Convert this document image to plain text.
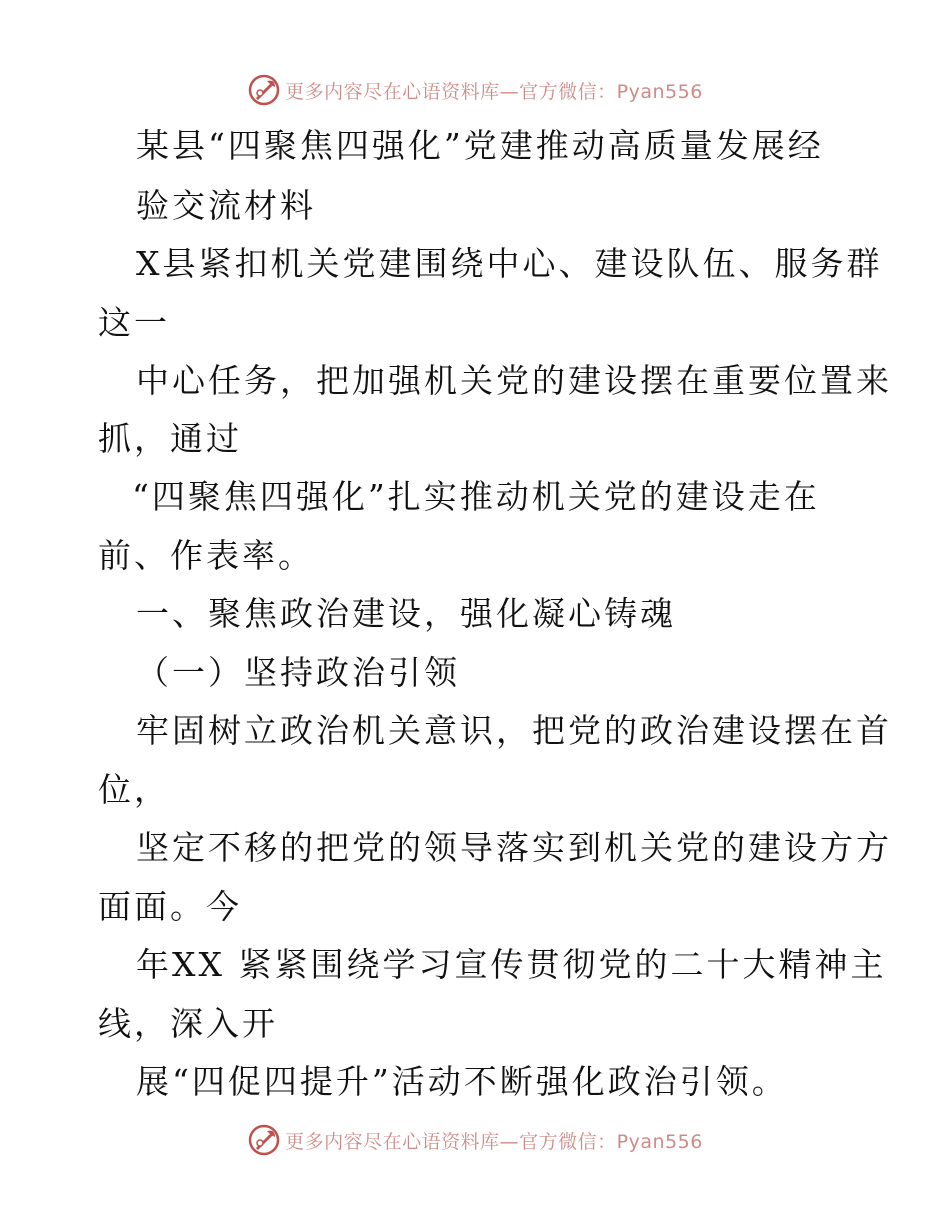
更多内容尽在心语资料库—官方微信：Pyan556
某县“四聚焦四强化”党建推动高质量发展经
验交流材料
X县紧扣机关党建围绕中心、建设队伍、服务群
这一
中心任务，把加强机关党的建设摆在重要位置来
抓，通过
“四聚焦四强化”扎实推动机关党的建设走在
前、作表率。
一、聚焦政治建设，强化凝心铸魂
（一）坚持政治引领
牢固树立政治机关意识，把党的政治建设摆在首
位，
坚定不移的把党的领导落实到机关党的建设方方
面面。今
年XX 紧紧围绕学习宣传贯彻党的二十大精神主
线，深入开
展“四促四提升”活动不断强化政治引领。
更多内容尽在心语资料库—官方微信：Pyan556
